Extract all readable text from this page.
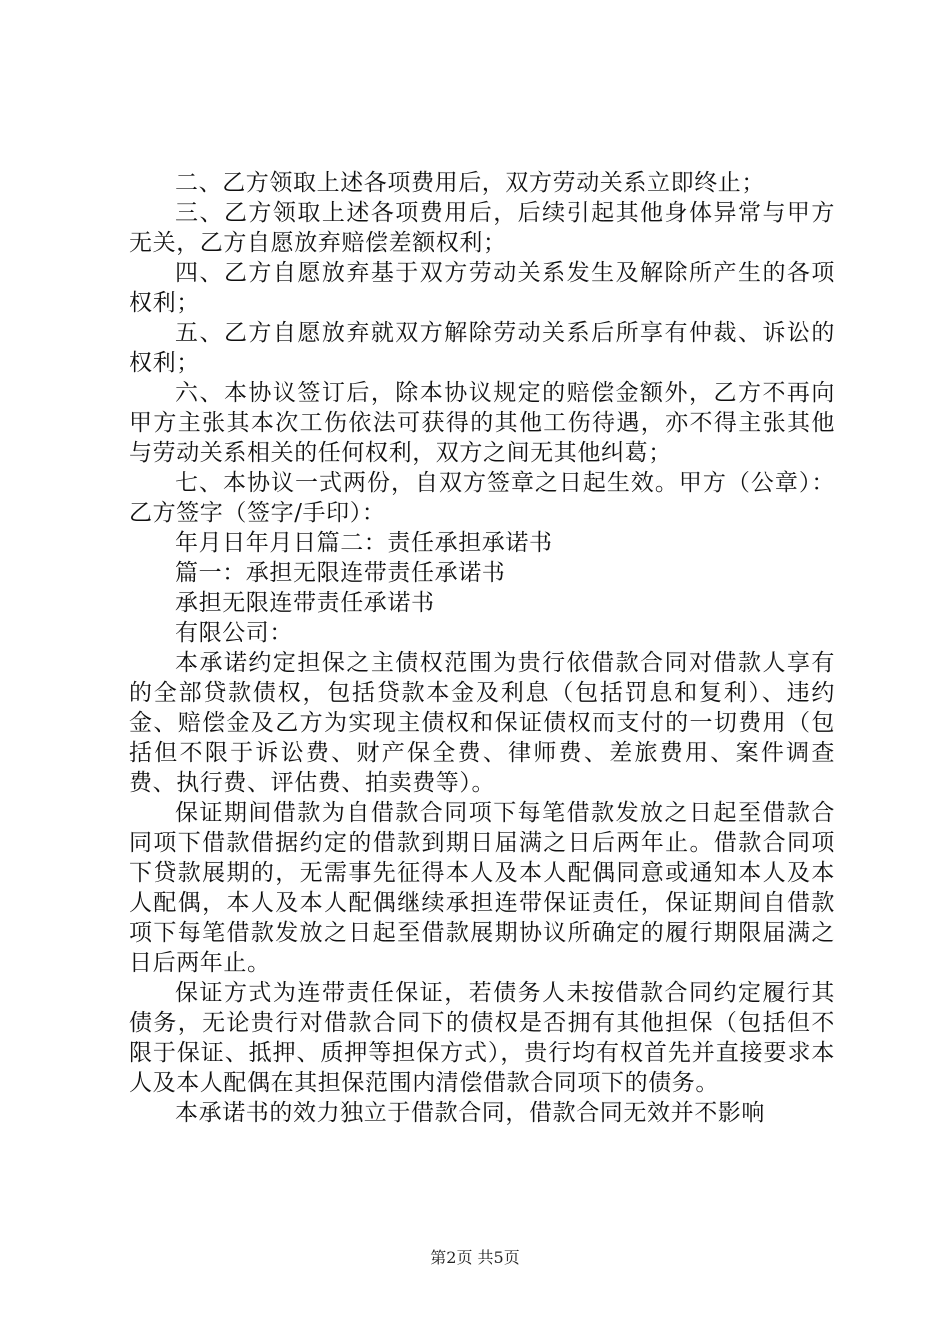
二、乙方领取上述各项费用后，双方劳动关系立即终止；

三、乙方领取上述各项费用后，后续引起其他身体异常与甲方无关，乙方自愿放弃赔偿差额权利；

四、乙方自愿放弃基于双方劳动关系发生及解除所产生的各项权利；

五、乙方自愿放弃就双方解除劳动关系后所享有仲裁、诉讼的权利；

六、本协议签订后，除本协议规定的赔偿金额外，乙方不再向甲方主张其本次工伤依法可获得的其他工伤待遇，亦不得主张其他与劳动关系相关的任何权利，双方之间无其他纠葛；

七、本协议一式两份，自双方签章之日起生效。甲方（公章）：乙方签字（签字/手印）：

年月日年月日篇二：责任承担承诺书

篇一：承担无限连带责任承诺书

承担无限连带责任承诺书

有限公司：

本承诺约定担保之主债权范围为贵行依借款合同对借款人享有的全部贷款债权，包括贷款本金及利息（包括罚息和复利）、违约金、赔偿金及乙方为实现主债权和保证债权而支付的一切费用（包括但不限于诉讼费、财产保全费、律师费、差旅费用、案件调查费、执行费、评估费、拍卖费等）。

保证期间借款为自借款合同项下每笔借款发放之日起至借款合同项下借款借据约定的借款到期日届满之日后两年止。借款合同项下贷款展期的，无需事先征得本人及本人配偶同意或通知本人及本人配偶，本人及本人配偶继续承担连带保证责任，保证期间自借款项下每笔借款发放之日起至借款展期协议所确定的履行期限届满之日后两年止。

保证方式为连带责任保证，若债务人未按借款合同约定履行其债务，无论贵行对借款合同下的债权是否拥有其他担保（包括但不限于保证、抵押、质押等担保方式），贵行均有权首先并直接要求本人及本人配偶在其担保范围内清偿借款合同项下的债务。

本承诺书的效力独立于借款合同，借款合同无效并不影响

第2页 共5页
